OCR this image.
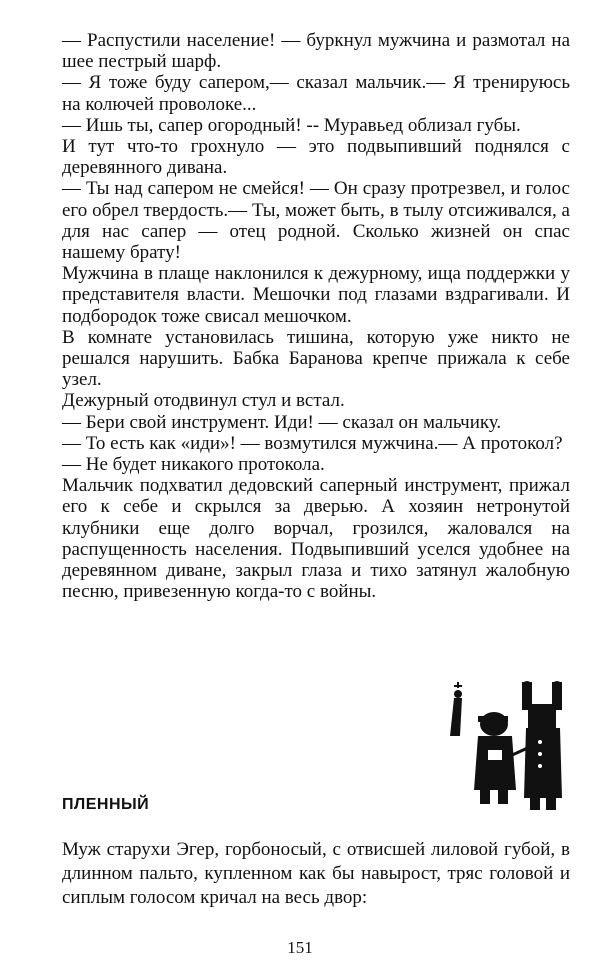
— Распустили население! — буркнул мужчина и размотал на шее пестрый шарф.

— Я тоже буду сапером,— сказал мальчик.— Я тренируюсь на колючей проволоке...

— Ишь ты, сапер огородный! -- Муравьед облизал губы.

И тут что-то грохнуло — это подвыпивший поднялся с деревянного дивана.

— Ты над сапером не смейся! — Он сразу протрезвел, и голос его обрел твердость.— Ты, может быть, в тылу отсиживался, а для нас сапер — отец родной. Сколько жизней он спас нашему брату!

Мужчина в плаще наклонился к дежурному, ища поддержки у представителя власти. Мешочки под глазами вздрагивали. И подбородок тоже свисал мешочком.

В комнате установилась тишина, которую уже никто не решался нарушить. Бабка Баранова крепче прижала к себе узел.

Дежурный отодвинул стул и встал.

— Бери свой инструмент. Иди! — сказал он мальчику.

— То есть как «иди»! — возмутился мужчина.— А протокол?

— Не будет никакого протокола.

Мальчик подхватил дедовский саперный инструмент, прижал его к себе и скрылся за дверью. А хозяин нетронутой клубники еще долго ворчал, грозился, жаловался на распущенность населения. Подвыпивший уселся удобнее на деревянном диване, закрыл глаза и тихо затянул жалобную песню, привезенную когда-то с войны.

ПЛЕННЫЙ
Муж старухи Эгер, горбоносый, с отвисшей лиловой губой, в длинном пальто, купленном как бы навырост, тряс головой и сиплым голосом кричал на весь двор:
151
